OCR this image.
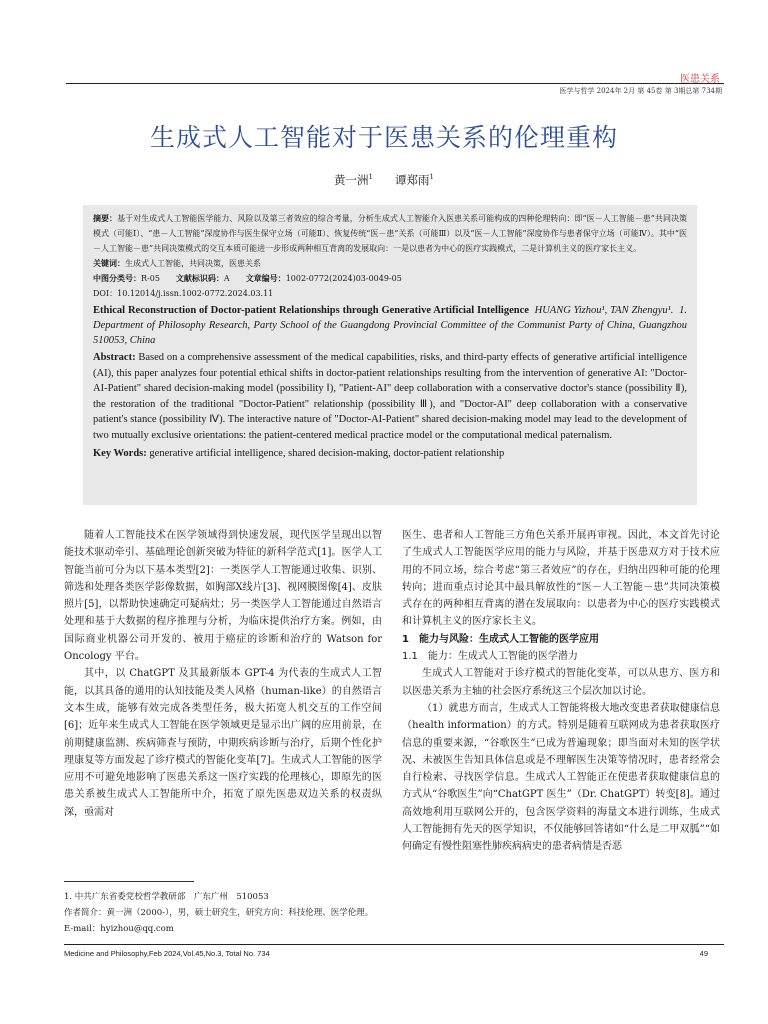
医患关系
医学与哲学 2024年 2月 第 45卷 第 3期总第 734期
生成式人工智能对于医患关系的伦理重构
黄一洲$^1$ 谭郑雨$^1$

摘要：基于对生成式人工智能医学能力、风险以及第三者效应的综合考量，分析生成式人工智能介入医患关系可能构成的四种伦理转向：即“医－人工智能－患”共同决策模式（可能Ⅰ）、“患－人工智能”深度协作与医生保守立场（可能Ⅱ）、恢复传统“医－患”关系（可能Ⅲ）以及“医－人工智能”深度协作与患者保守立场（可能Ⅳ）。其中“医－人工智能－患”共同决策模式的交互本质可能进一步形成两种相互背离的发展取向：一是以患者为中心的医疗实践模式，二是计算机主义的医疗家长主义。

关键词：生成式人工智能，共同决策，医患关系

中图分类号：R-05 文献标识码：A 文章编号：1002-0772(2024)03-0049-05

DOI：10.12014/j.issn.1002-0772.2024.03.11

Ethical Reconstruction of Doctor-patient Relationships through Generative Artificial Intelligence HUANG Yizhou¹, TAN Zhengyu¹. 1. Department of Philosophy Research, Party School of the Guangdong Provincial Committee of the Communist Party of China, Guangzhou 510053, China

Abstract: Based on a comprehensive assessment of the medical capabilities, risks, and third-party effects of generative artificial intelligence (AI), this paper analyzes four potential ethical shifts in doctor-patient relationships resulting from the intervention of generative AI: "Doctor-AI-Patient" shared decision-making model (possibility Ⅰ), "Patient-AI" deep collaboration with a conservative doctor's stance (possibility Ⅱ), the restoration of the traditional "Doctor-Patient" relationship (possibility Ⅲ), and "Doctor-AI" deep collaboration with a conservative patient's stance (possibility Ⅳ). The interactive nature of "Doctor-AI-Patient" shared decision-making model may lead to the development of two mutually exclusive orientations: the patient-centered medical practice model or the computational medical paternalism.

Key Words: generative artificial intelligence, shared decision-making, doctor-patient relationship

随着人工智能技术在医学领域得到快速发展，现代医学呈现出以智能技术驱动牵引、基础理论创新突破为特征的新科学范式[1]。医学人工智能当前可分为以下基本类型[2]：一类医学人工智能通过收集、识别、筛选和处理各类医学影像数据，如胸部X线片[3]、视网膜图像[4]、皮肤照片[5]，以帮助快速确定可疑病灶；另一类医学人工智能通过自然语言处理和基于大数据的程序推理与分析，为临床提供治疗方案。例如，由国际商业机器公司开发的、被用于癌症的诊断和治疗的 Watson for Oncology 平台。

其中，以 ChatGPT 及其最新版本 GPT-4 为代表的生成式人工智能，以其具备的通用的认知技能及类人风格（human-like）的自然语言文本生成，能够有效完成各类型任务，极大拓宽人机交互的工作空间[6]；近年来生成式人工智能在医学领域更是显示出广阔的应用前景，在前期健康监测、疾病筛查与预防，中期疾病诊断与治疗，后期个性化护理康复等方面发起了诊疗模式的智能化变革[7]。生成式人工智能的医学应用不可避免地影响了医患关系这一医疗实践的伦理核心，即原先的医患关系被生成式人工智能所中介，拓宽了原先医患双边关系的权责纵深，亟需对

医生、患者和人工智能三方角色关系开展再审视。因此，本文首先讨论了生成式人工智能医学应用的能力与风险，并基于医患双方对于技术应用的不同立场，综合考虑“第三者效应”的存在，归纳出四种可能的伦理转向；进而重点讨论其中最具解放性的“医－人工智能－患”共同决策模式存在的两种相互背离的潜在发展取向：以患者为中心的医疗实践模式和计算机主义的医疗家长主义。

1　能力与风险：生成式人工智能的医学应用

1.1　能力：生成式人工智能的医学潜力

生成式人工智能对于诊疗模式的智能化变革，可以从患方、医方和以医患关系为主轴的社会医疗系统这三个层次加以讨论。

（1）就患方而言，生成式人工智能将极大地改变患者获取健康信息（health information）的方式。特别是随着互联网成为患者获取医疗信息的重要来源，“谷歌医生”已成为普遍现象；即当面对未知的医学状况、未被医生告知具体信息或是不理解医生决策等情况时，患者经常会自行检索、寻找医学信息。生成式人工智能正在使患者获取健康信息的方式从“谷歌医生”向“ChatGPT 医生”（Dr. ChatGPT）转变[8]。通过高效地利用互联网公开的，包含医学资料的海量文本进行训练，生成式人工智能拥有先天的医学知识，不仅能够回答诸如“什么是二甲双胍”“如何确定有慢性阻塞性肺疾病病史的患者病情是否恶

1. 中共广东省委党校哲学教研部　广东广州　510053

作者简介：黄一洲（2000-），男，硕士研究生，研究方向：科技伦理、医学伦理。E-mail：hyizhou@qq.com

Medicine and Philosophy,Feb 2024,Vol.45,No.3, Total No. 734	49
